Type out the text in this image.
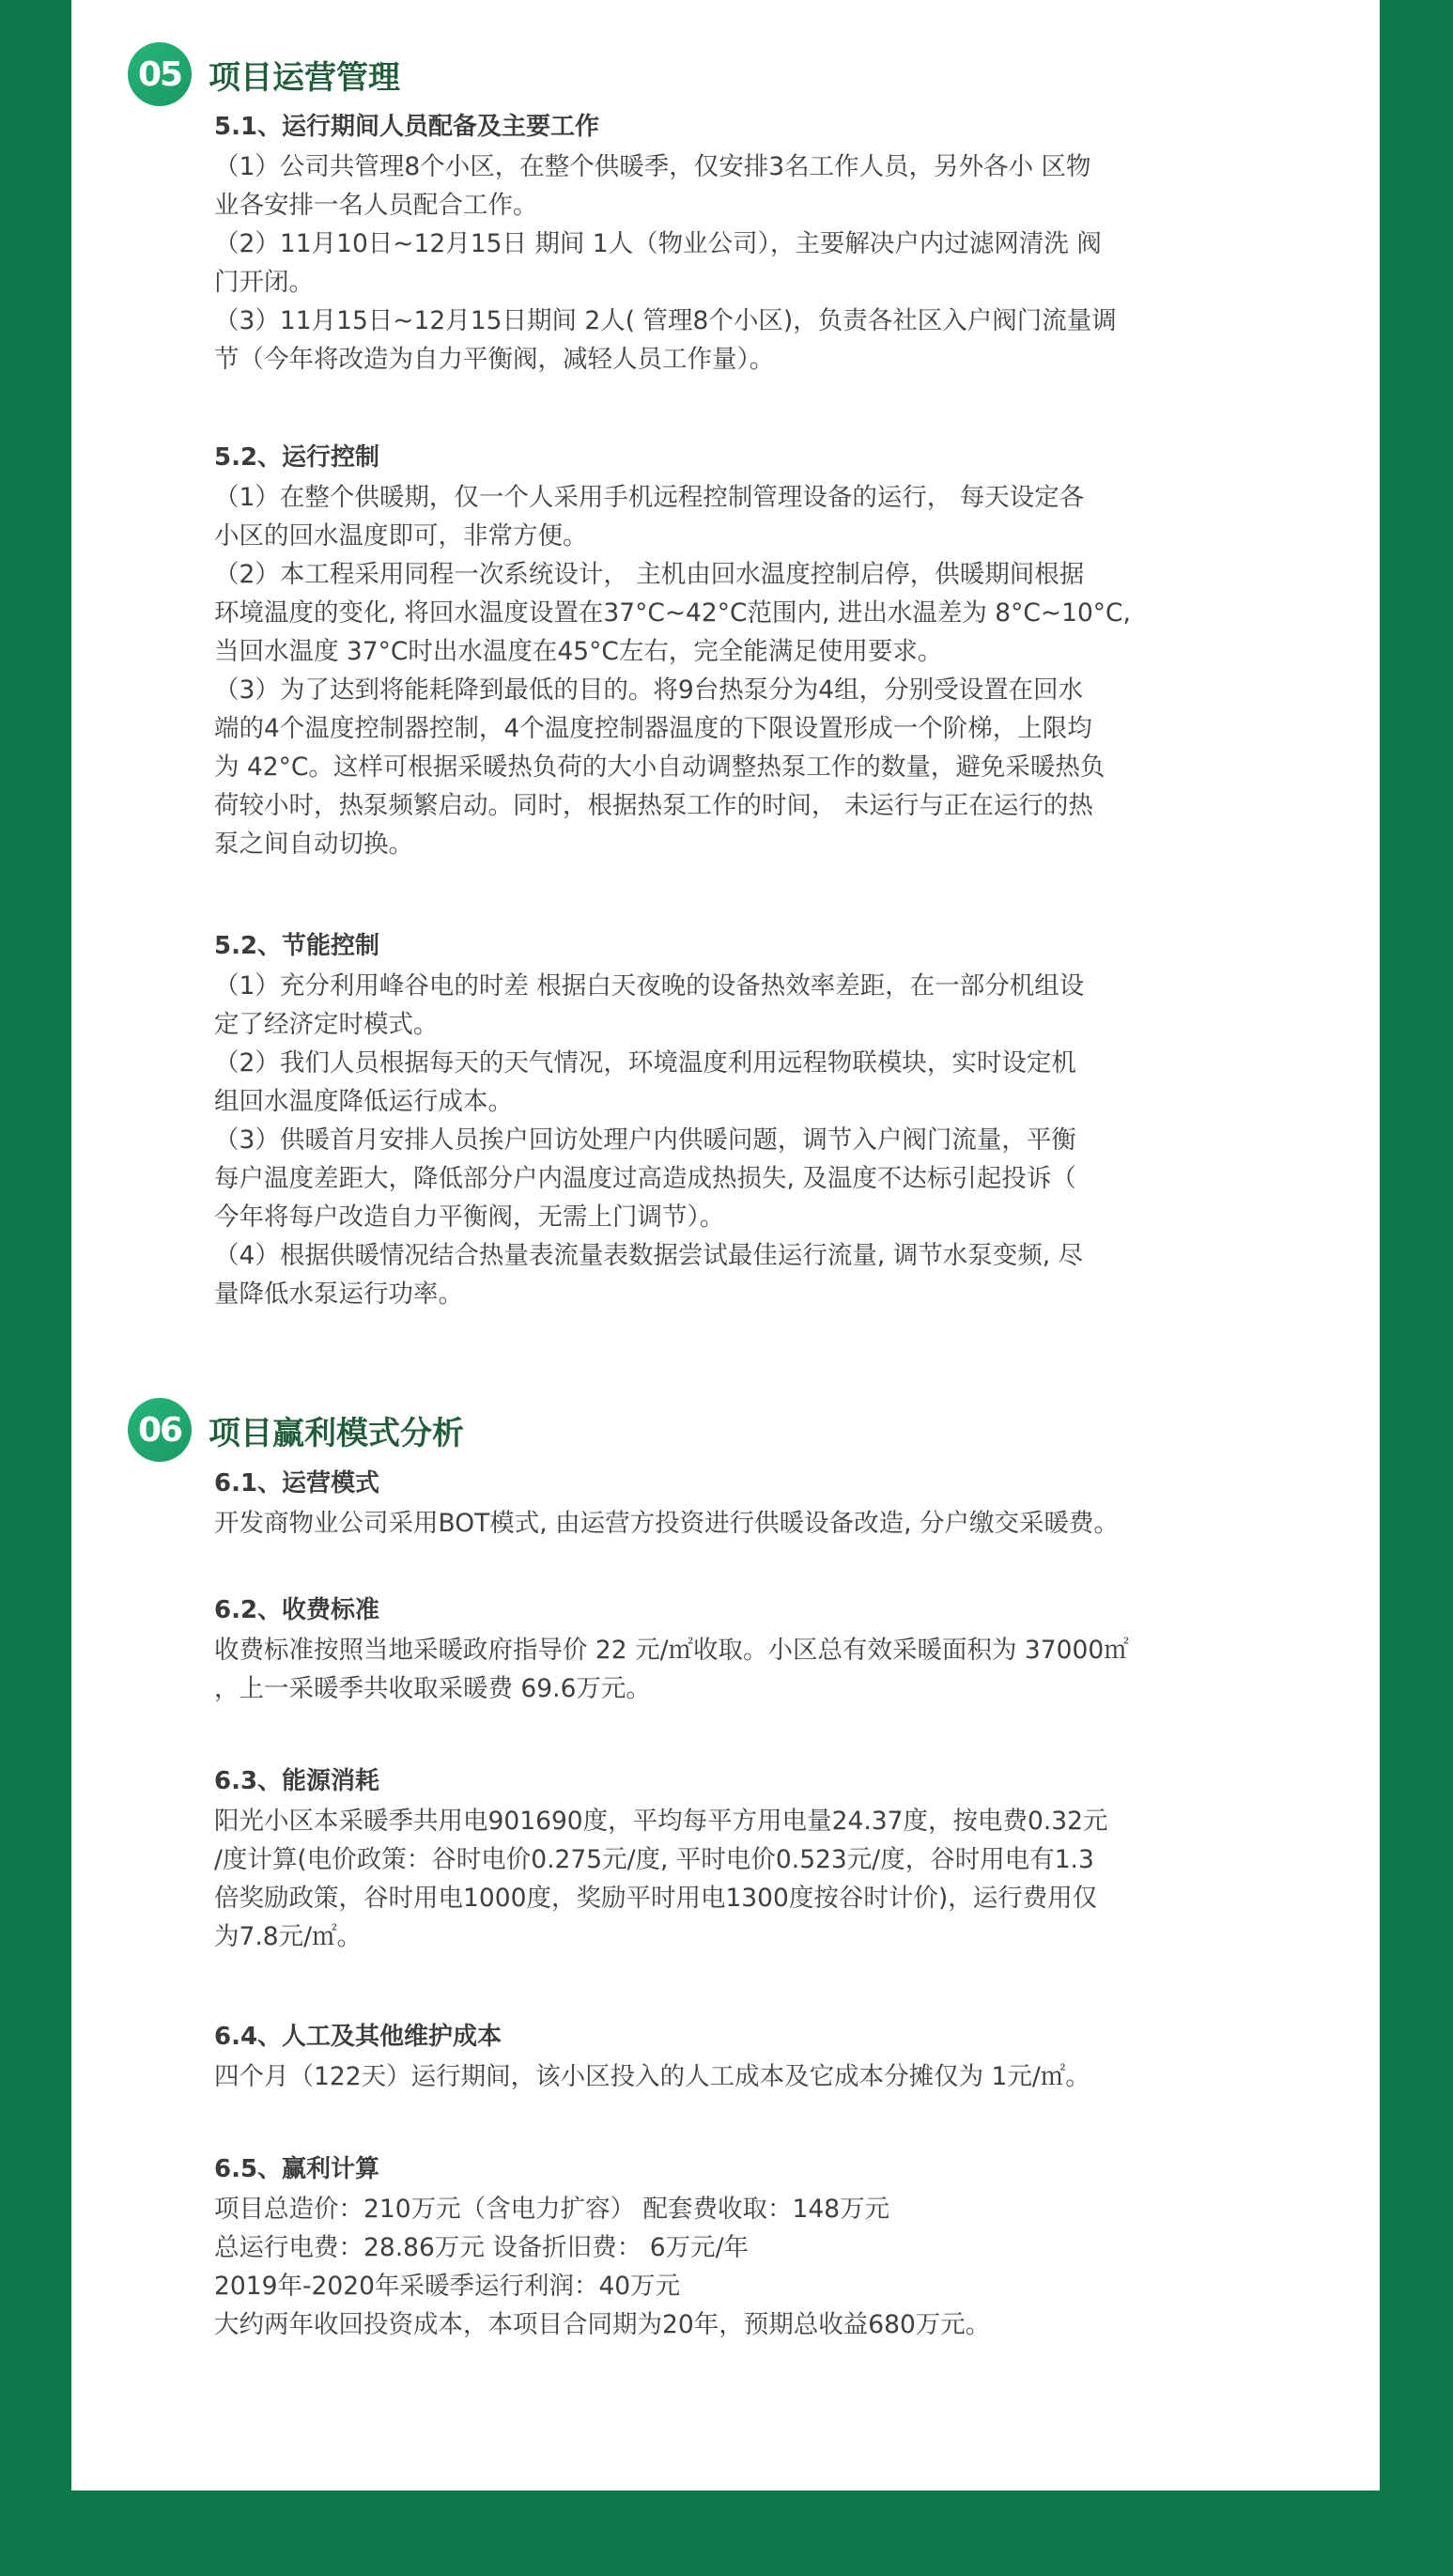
05 项目运营管理
5.1、运行期间人员配备及主要工作
（1）公司共管理8个小区，在整个供暖季，仅安排3名工作人员，另外各小 区物
业各安排一名人员配合工作。
（2）11月10日~12月15日 期间 1人（物业公司），主要解决户内过滤网清洗 阀
门开闭。
（3）11月15日~12月15日期间 2人( 管理8个小区)，负责各社区入户阀门流量调
节（今年将改造为自力平衡阀，减轻人员工作量）。
5.2、运行控制
（1）在整个供暖期，仅一个人采用手机远程控制管理设备的运行， 每天设定各
小区的回水温度即可，非常方便。
（2）本工程采用同程一次系统设计， 主机由回水温度控制启停，供暖期间根据
环境温度的变化, 将回水温度设置在37°C~42°C范围内, 进出水温差为 8°C~10°C,
当回水温度 37°C时出水温度在45°C左右，完全能满足使用要求。
（3）为了达到将能耗降到最低的目的。将9台热泵分为4组，分别受设置在回水
端的4个温度控制器控制，4个温度控制器温度的下限设置形成一个阶梯，上限均
为 42°C。这样可根据采暖热负荷的大小自动调整热泵工作的数量，避免采暖热负
荷较小时，热泵频繁启动。同时，根据热泵工作的时间， 未运行与正在运行的热
泵之间自动切换。
5.2、节能控制
（1）充分利用峰谷电的时差 根据白天夜晚的设备热效率差距，在一部分机组设
定了经济定时模式。
（2）我们人员根据每天的天气情况，环境温度利用远程物联模块，实时设定机
组回水温度降低运行成本。
（3）供暖首月安排人员挨户回访处理户内供暖问题，调节入户阀门流量，平衡
每户温度差距大，降低部分户内温度过高造成热损失, 及温度不达标引起投诉（
今年将每户改造自力平衡阀，无需上门调节）。
（4）根据供暖情况结合热量表流量表数据尝试最佳运行流量, 调节水泵变频, 尽
量降低水泵运行功率。
06 项目赢利模式分析
6.1、运营模式
开发商物业公司采用BOT模式, 由运营方投资进行供暖设备改造, 分户缴交采暖费。
6.2、收费标准
收费标准按照当地采暖政府指导价 22 元/㎡收取。小区总有效采暖面积为 37000㎡
，上一采暖季共收取采暖费 69.6万元。
6.3、能源消耗
阳光小区本采暖季共用电901690度，平均每平方用电量24.37度，按电费0.32元
/度计算(电价政策：谷时电价0.275元/度, 平时电价0.523元/度，谷时用电有1.3
倍奖励政策，谷时用电1000度，奖励平时用电1300度按谷时计价)，运行费用仅
为7.8元/㎡。
6.4、人工及其他维护成本
四个月（122天）运行期间，该小区投入的人工成本及它成本分摊仅为 1元/㎡。
6.5、赢利计算
项目总造价：210万元（含电力扩容） 配套费收取：148万元
总运行电费：28.86万元 设备折旧费： 6万元/年
2019年-2020年采暖季运行利润：40万元
大约两年收回投资成本，本项目合同期为20年，预期总收益680万元。
